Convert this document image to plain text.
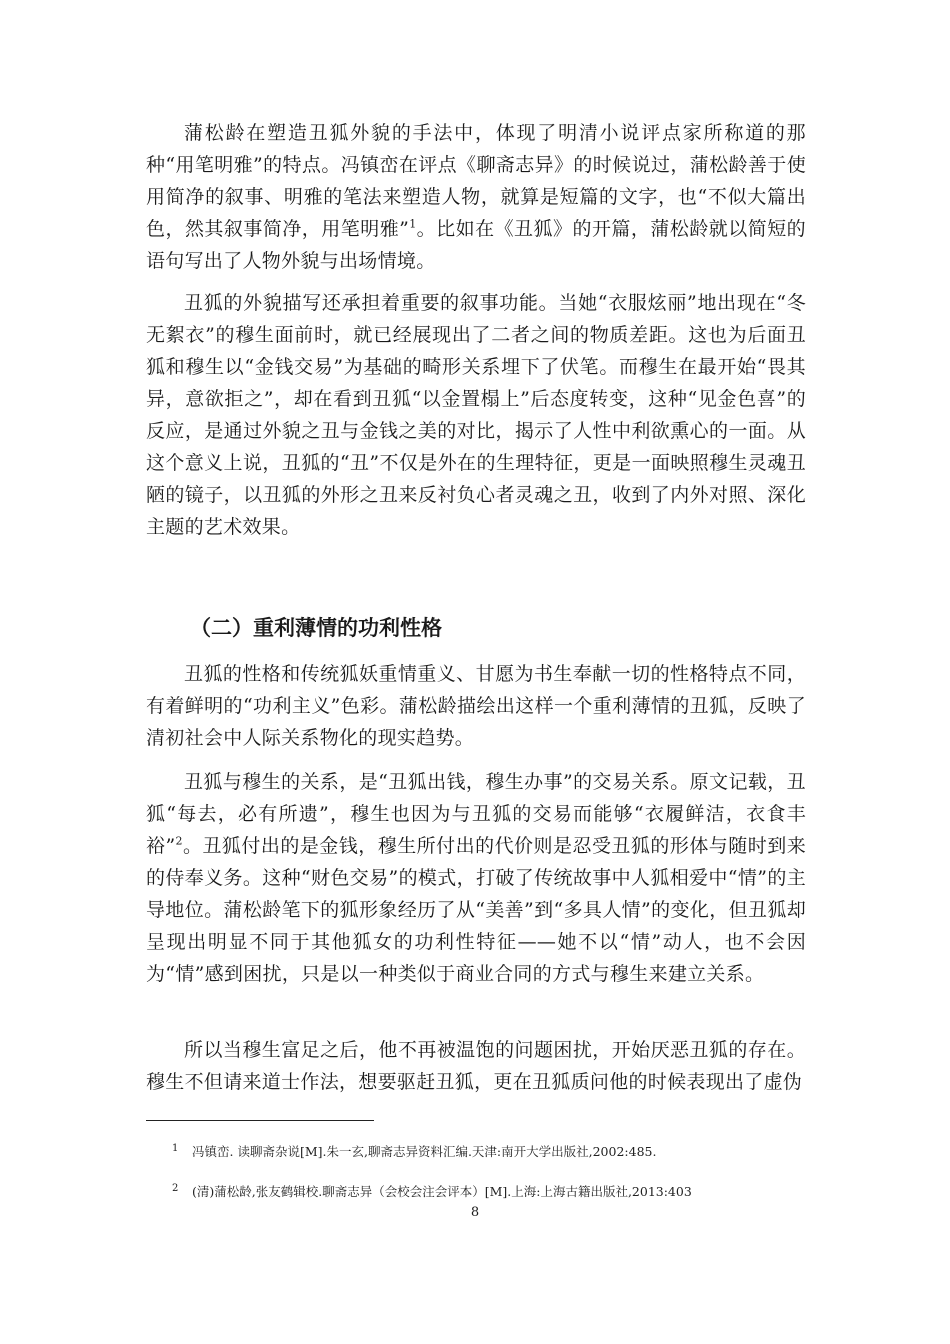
蒲松龄在塑造丑狐外貌的手法中，体现了明清小说评点家所称道的那种“用笔明雅”的特点。冯镇峦在评点《聊斋志异》的时候说过，蒲松龄善于使用简净的叙事、明雅的笔法来塑造人物，就算是短篇的文字，也“不似大篇出色，然其叙事简净，用笔明雅”$^1$。比如在《丑狐》的开篇，蒲松龄就以简短的语句写出了人物外貌与出场情境。

丑狐的外貌描写还承担着重要的叙事功能。当她“衣服炫丽”地出现在“冬无絮衣”的穆生面前时，就已经展现出了二者之间的物质差距。这也为后面丑狐和穆生以“金钱交易”为基础的畸形关系埋下了伏笔。而穆生在最开始“畏其异，意欲拒之”，却在看到丑狐“以金置榻上”后态度转变，这种“见金色喜”的反应，是通过外貌之丑与金钱之美的对比，揭示了人性中利欲熏心的一面。从这个意义上说，丑狐的“丑”不仅是外在的生理特征，更是一面映照穆生灵魂丑陋的镜子，以丑狐的外形之丑来反衬负心者灵魂之丑，收到了内外对照、深化主题的艺术效果。

（二）重利薄情的功利性格

丑狐的性格和传统狐妖重情重义、甘愿为书生奉献一切的性格特点不同，有着鲜明的“功利主义”色彩。蒲松龄描绘出这样一个重利薄情的丑狐，反映了清初社会中人际关系物化的现实趋势。

丑狐与穆生的关系，是“丑狐出钱，穆生办事”的交易关系。原文记载，丑狐“每去，必有所遗”，穆生也因为与丑狐的交易而能够“衣履鲜洁，衣食丰裕”$^2$。丑狐付出的是金钱，穆生所付出的代价则是忍受丑狐的形体与随时到来的侍奉义务。这种“财色交易”的模式，打破了传统故事中人狐相爱中“情”的主导地位。蒲松龄笔下的狐形象经历了从“美善”到“多具人情”的变化，但丑狐却呈现出明显不同于其他狐女的功利性特征——她不以“情”动人，也不会因为“情”感到困扰，只是以一种类似于商业合同的方式与穆生来建立关系。

所以当穆生富足之后，他不再被温饱的问题困扰，开始厌恶丑狐的存在。穆生不但请来道士作法，想要驱赶丑狐，更在丑狐质问他的时候表现出了虚伪

1 冯镇峦. 读聊斋杂说[M].朱一玄,聊斋志异资料汇编.天津:南开大学出版社,2002:485.

2 (清)蒲松龄,张友鹤辑校.聊斋志异（会校会注会评本）[M].上海:上海古籍出版社,2013:403

8
